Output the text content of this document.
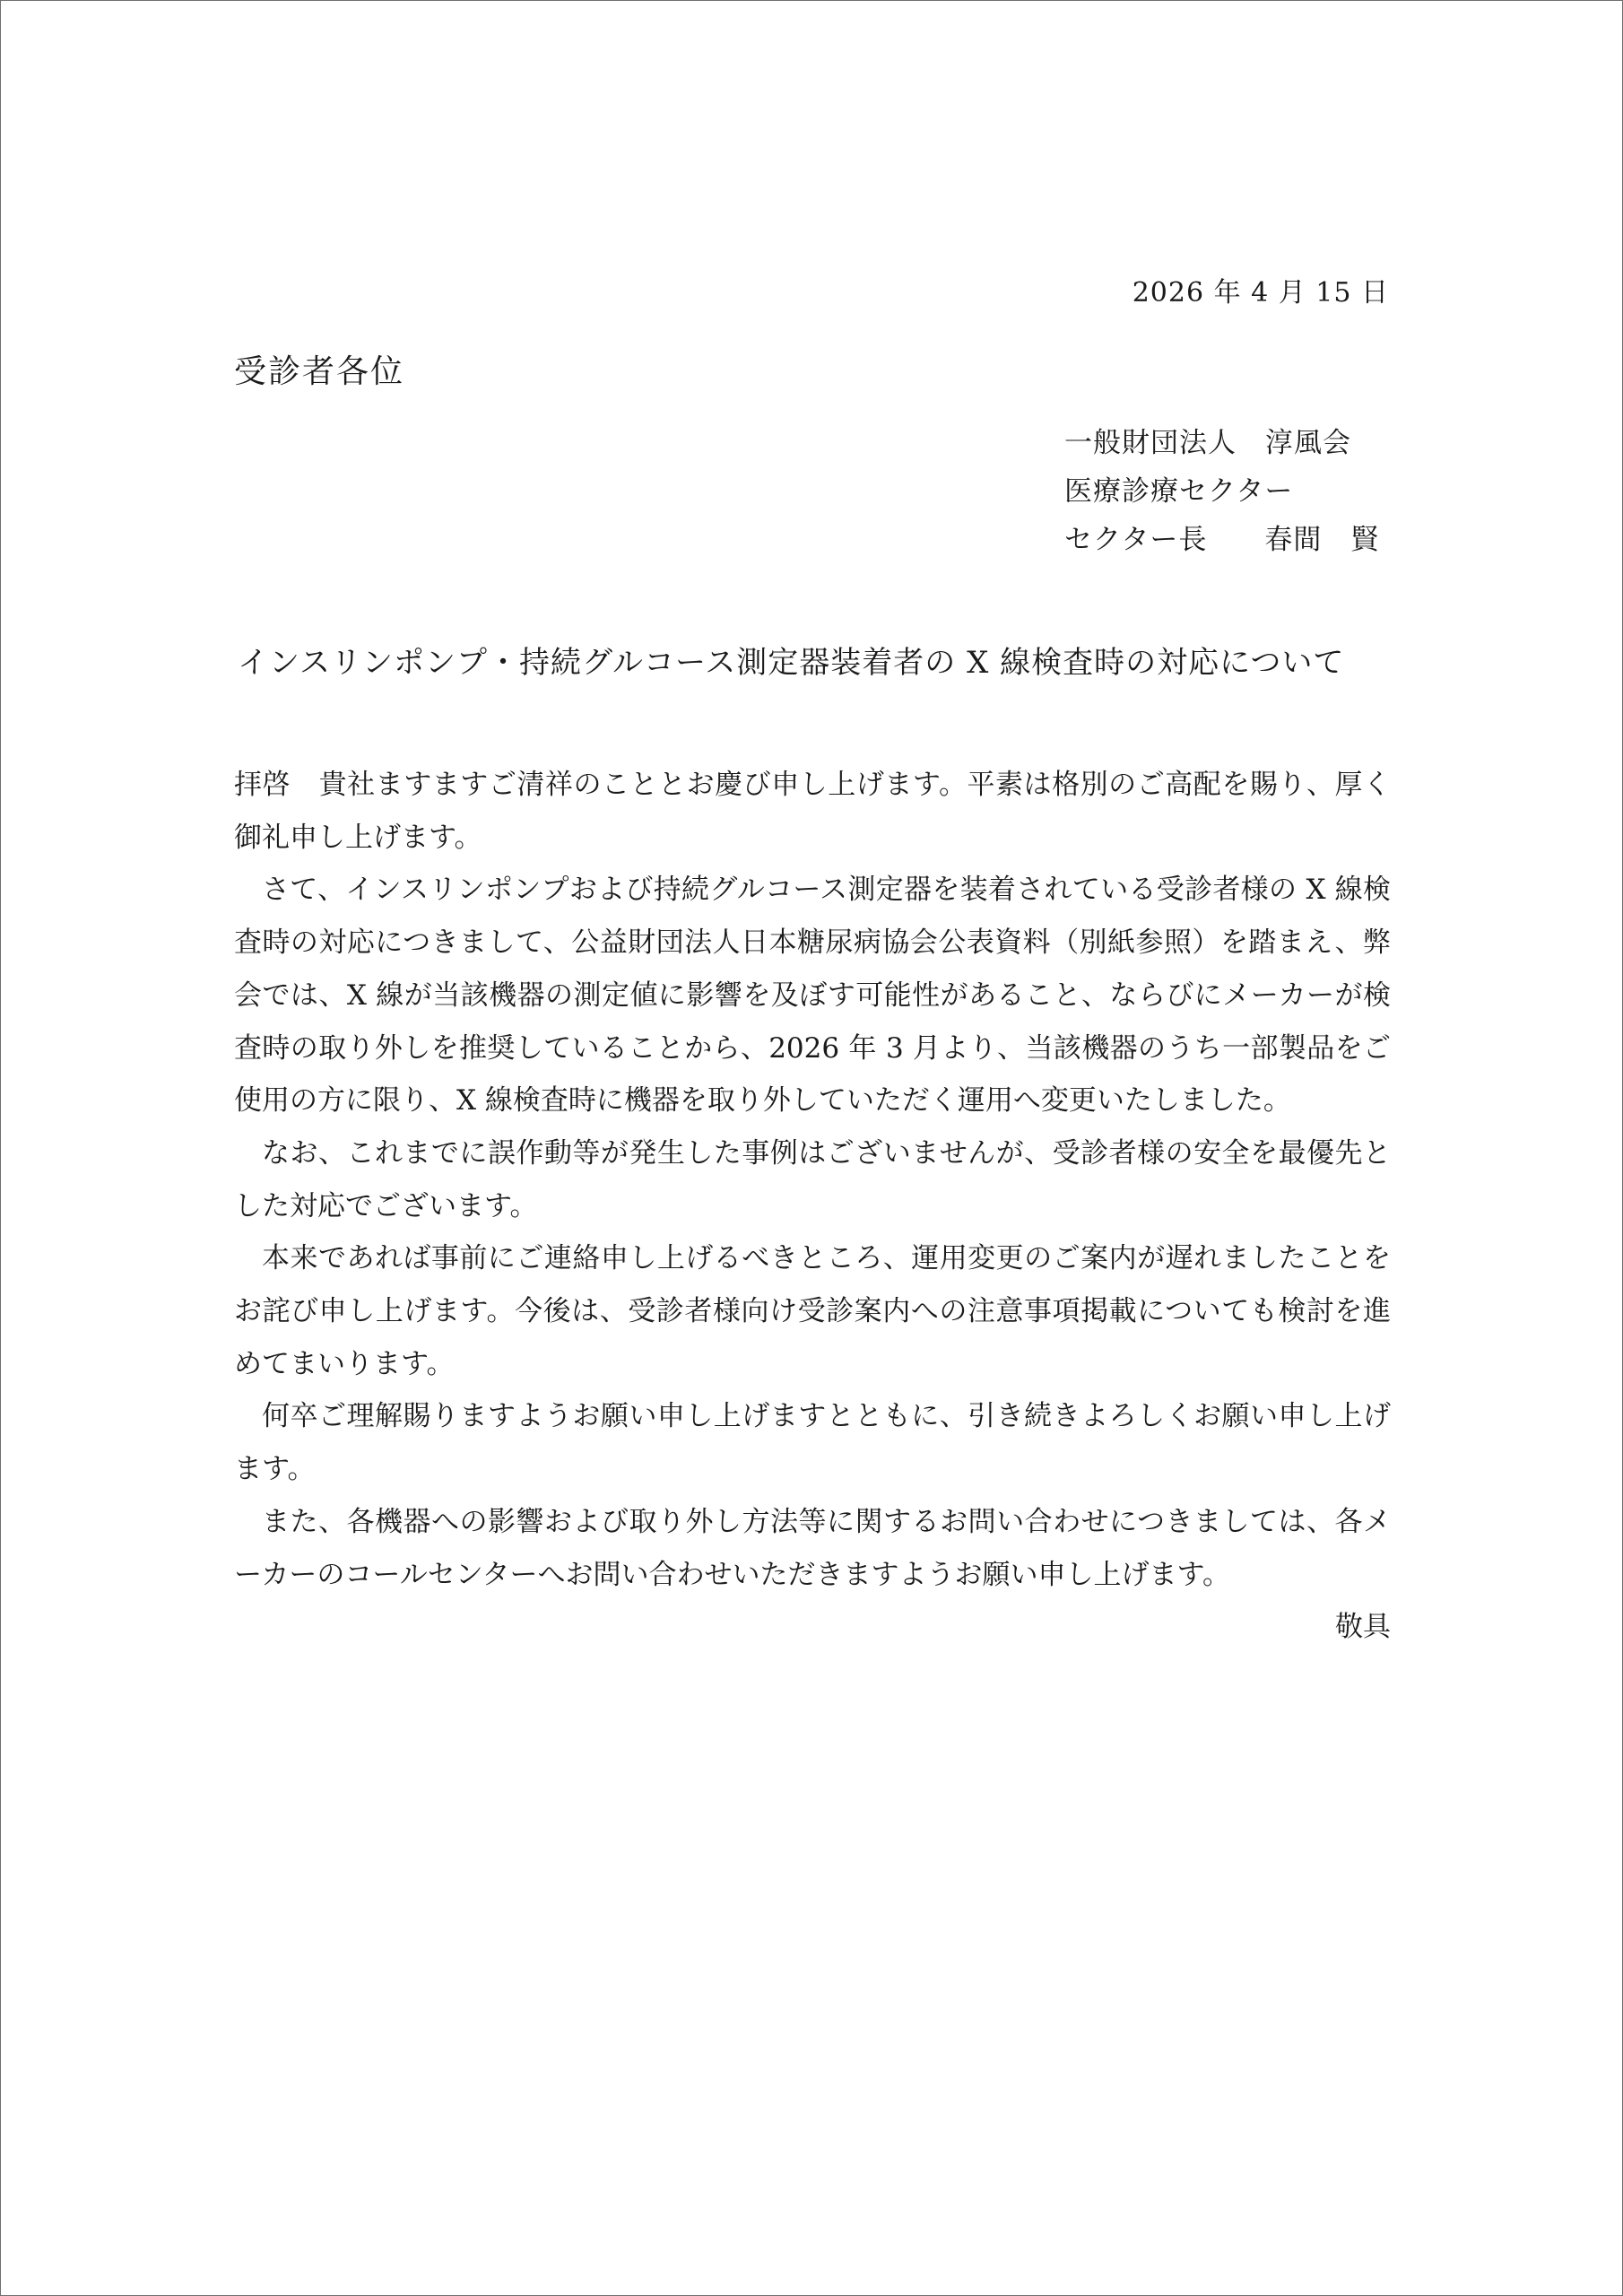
2026 年 4 月 15 日
受診者各位
一般財団法人　淳風会
医療診療セクター
セクター長　　春間　賢
インスリンポンプ・持続グルコース測定器装着者の X 線検査時の対応について

拝啓　貴社ますますご清祥のこととお慶び申し上げます。平素は格別のご高配を賜り、厚く御礼申し上げます。

さて、インスリンポンプおよび持続グルコース測定器を装着されている受診者様の X 線検査時の対応につきまして、公益財団法人日本糖尿病協会公表資料（別紙参照）を踏まえ、弊会では、X 線が当該機器の測定値に影響を及ぼす可能性があること、ならびにメーカーが検査時の取り外しを推奨していることから、2026 年 3 月より、当該機器のうち一部製品をご使用の方に限り、X 線検査時に機器を取り外していただく運用へ変更いたしました。

なお、これまでに誤作動等が発生した事例はございませんが、受診者様の安全を最優先とした対応でございます。

本来であれば事前にご連絡申し上げるべきところ、運用変更のご案内が遅れましたことをお詫び申し上げます。今後は、受診者様向け受診案内への注意事項掲載についても検討を進めてまいります。

何卒ご理解賜りますようお願い申し上げますとともに、引き続きよろしくお願い申し上げます。

また、各機器への影響および取り外し方法等に関するお問い合わせにつきましては、各メーカーのコールセンターへお問い合わせいただきますようお願い申し上げます。

敬具
